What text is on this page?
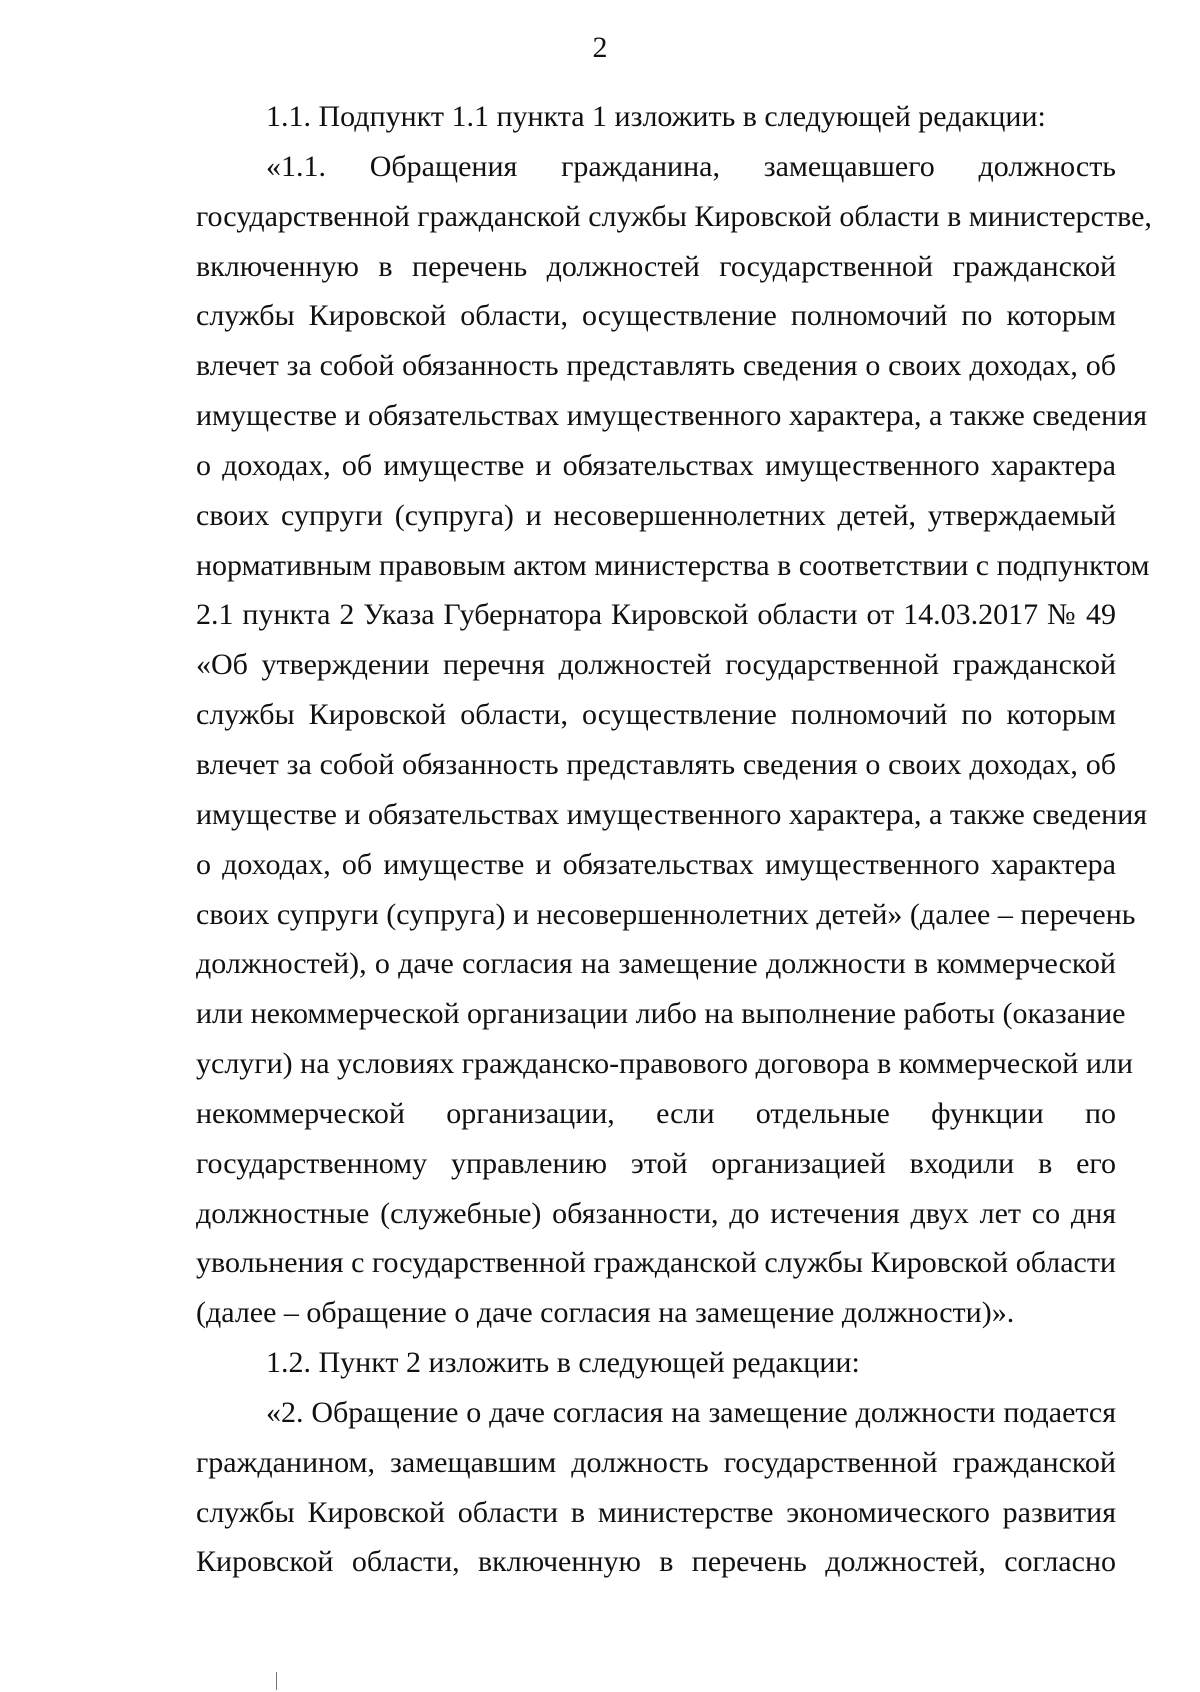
2
1.1. Подпункт 1.1 пункта 1 изложить в следующей редакции:
«1.1. Обращения гражданина, замещавшего должность
государственной гражданской службы Кировской области в министерстве,
включенную в перечень должностей государственной гражданской
службы Кировской области, осуществление полномочий по которым
влечет за собой обязанность представлять сведения о своих доходах, об
имуществе и обязательствах имущественного характера, а также сведения
о доходах, об имуществе и обязательствах имущественного характера
своих супруги (супруга) и несовершеннолетних детей, утверждаемый
нормативным правовым актом министерства в соответствии с подпунктом
2.1 пункта 2 Указа Губернатора Кировской области от 14.03.2017 № 49
«Об утверждении перечня должностей государственной гражданской
службы Кировской области, осуществление полномочий по которым
влечет за собой обязанность представлять сведения о своих доходах, об
имуществе и обязательствах имущественного характера, а также сведения
о доходах, об имуществе и обязательствах имущественного характера
своих супруги (супруга) и несовершеннолетних детей» (далее – перечень
должностей), о даче согласия на замещение должности в коммерческой
или некоммерческой организации либо на выполнение работы (оказание
услуги) на условиях гражданско-правового договора в коммерческой или
некоммерческой организации, если отдельные функции по
государственному управлению этой организацией входили в его
должностные (служебные) обязанности, до истечения двух лет со дня
увольнения с государственной гражданской службы Кировской области
(далее – обращение о даче согласия на замещение должности)».
1.2. Пункт 2 изложить в следующей редакции:
«2. Обращение о даче согласия на замещение должности подается
гражданином, замещавшим должность государственной гражданской
службы Кировской области в министерстве экономического развития
Кировской области, включенную в перечень должностей, согласно
